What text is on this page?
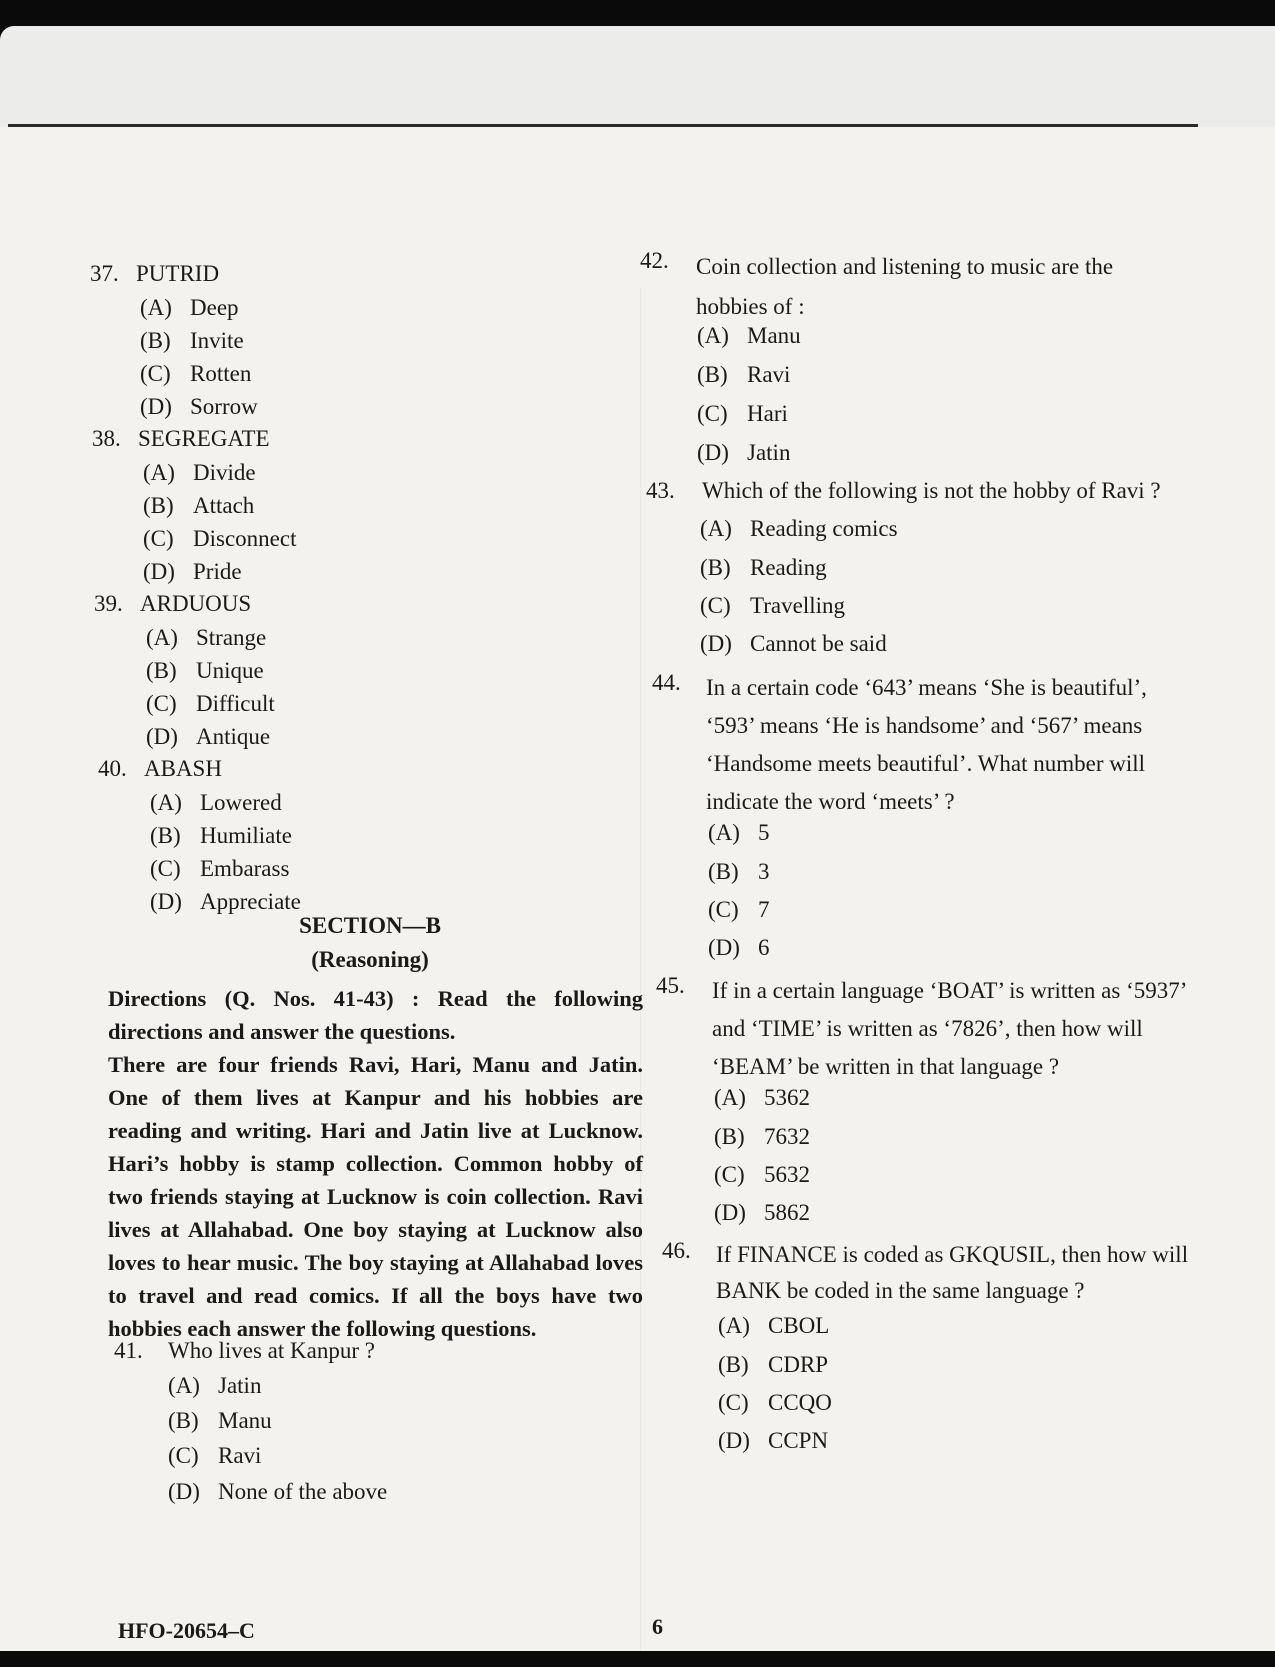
37. PUTRID
(A) Deep
(B) Invite
(C) Rotten
(D) Sorrow
38. SEGREGATE
(A) Divide
(B) Attach
(C) Disconnect
(D) Pride
39. ARDUOUS
(A) Strange
(B) Unique
(C) Difficult
(D) Antique
40. ABASH
(A) Lowered
(B) Humiliate
(C) Embarass
(D) Appreciate
SECTION—B
(Reasoning)
Directions (Q. Nos. 41-43) : Read the following directions and answer the questions.
There are four friends Ravi, Hari, Manu and Jatin. One of them lives at Kanpur and his hobbies are reading and writing. Hari and Jatin live at Lucknow. Hari’s hobby is stamp collection. Common hobby of two friends staying at Lucknow is coin collection. Ravi lives at Allahabad. One boy staying at Lucknow also loves to hear music. The boy staying at Allahabad loves to travel and read comics. If all the boys have two hobbies each answer the following questions.
41.	Who lives at Kanpur ?
(A) Jatin
(B) Manu
(C) Ravi
(D) None of the above
42.	Coin collection and listening to music are the hobbies of :
(A) Manu
(B) Ravi
(C) Hari
(D) Jatin
43.	Which of the following is not the hobby of Ravi ?
(A) Reading comics
(B) Reading
(C) Travelling
(D) Cannot be said
44.	In a certain code ‘643’ means ‘She is beautiful’, ‘593’ means ‘He is handsome’ and ‘567’ means ‘Handsome meets beautiful’. What number will indicate the word ‘meets’ ?
(A) 5
(B) 3
(C) 7
(D) 6
45.	If in a certain language ‘BOAT’ is written as ‘5937’ and ‘TIME’ is written as ‘7826’, then how will ‘BEAM’ be written in that language ?
(A) 5362
(B) 7632
(C) 5632
(D) 5862
46.	If FINANCE is coded as GKQUSIL, then how will BANK be coded in the same language ?
(A) CBOL
(B) CDRP
(C) CCQO
(D) CCPN
HFO-20654–C	6
